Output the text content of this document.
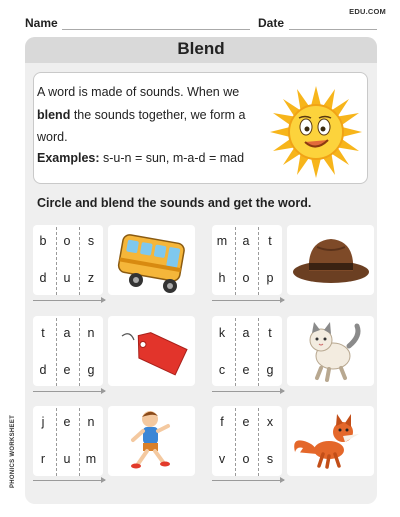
EDU.COM
Name	Date
Blend
A word is made of sounds. When we
blend the sounds together, we form a
word.
Examples: s-u-n = sun, m-a-d = mad
Circle and blend the sounds and get the word.
b	o	s
d	u	z
m	a	t
h	o	p
t	a	n
d	e	g
k	a	t
c	e	g
j	e	n
r	u	m
f	e	x
v	o	s
PHONICS WORKSHEET
